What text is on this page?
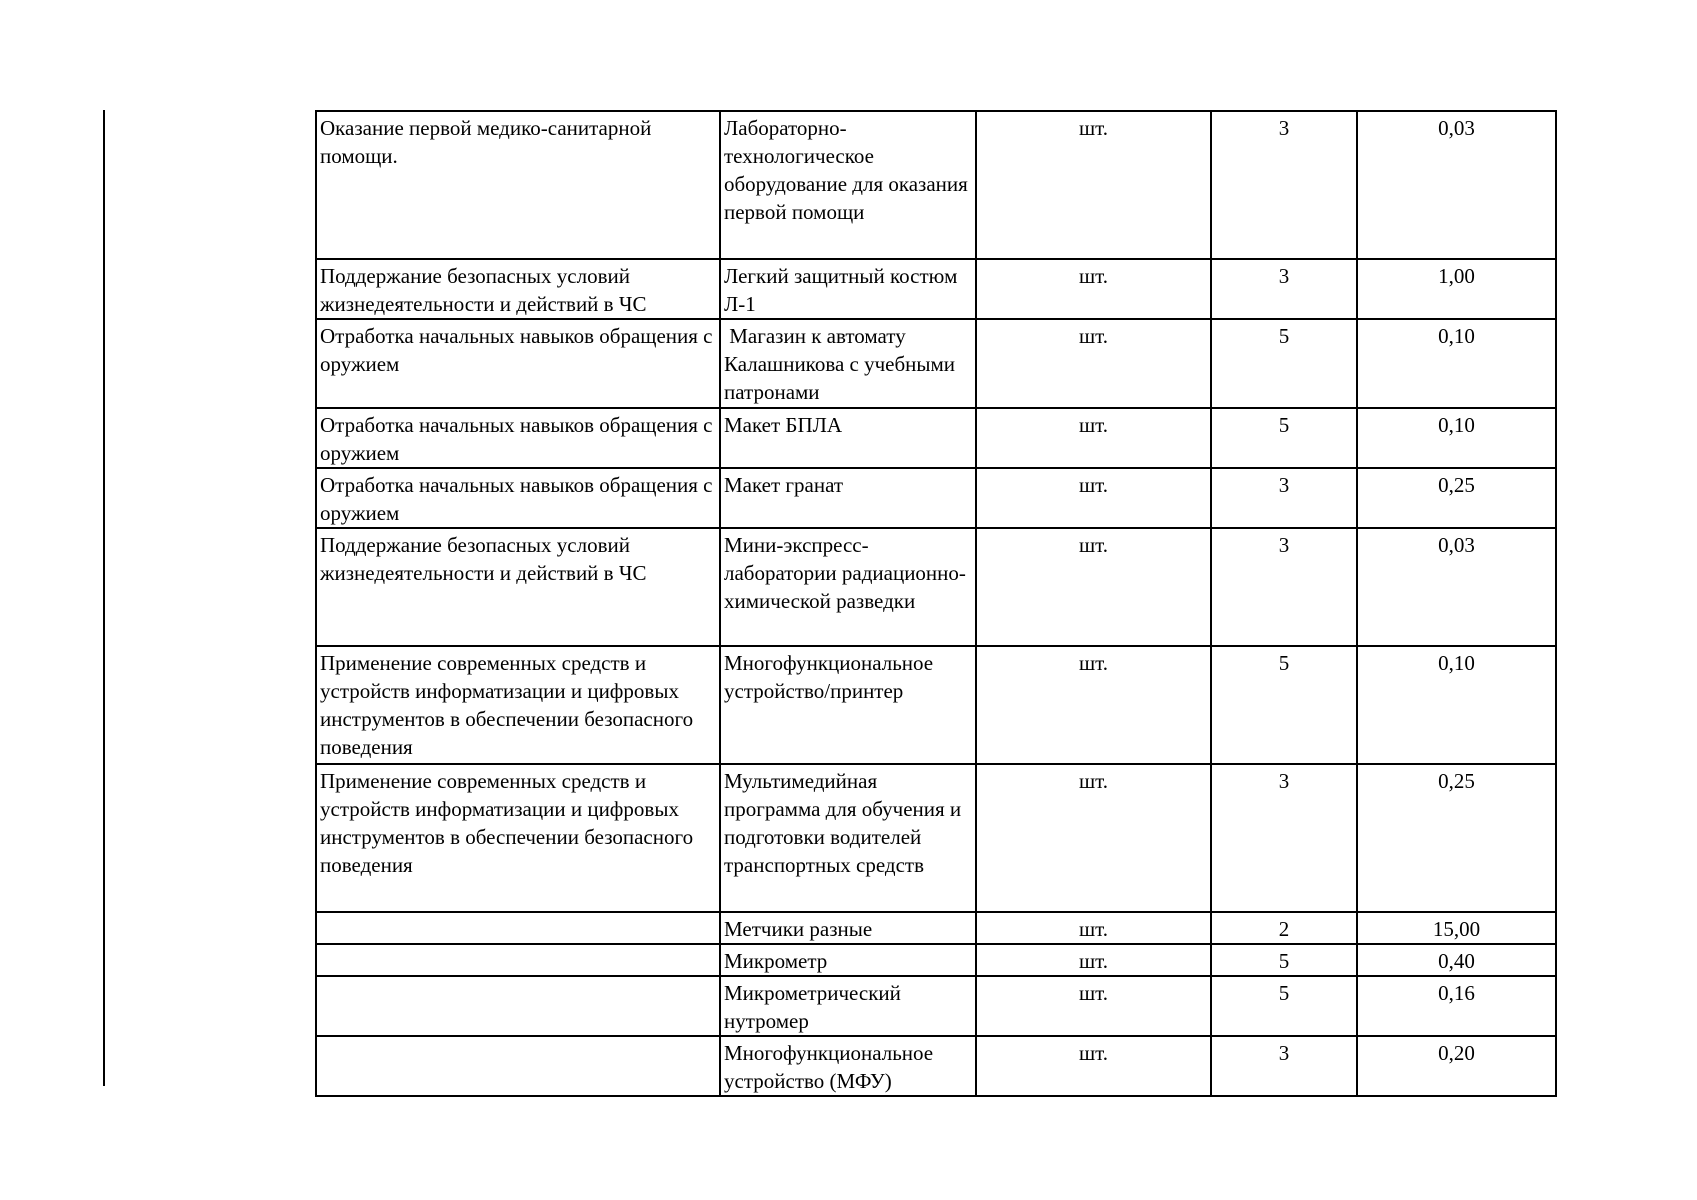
Оказание первой медико-санитарной помощи.	Лабораторно-технологическое оборудование для оказания первой помощи	шт.	3	0,03
Поддержание безопасных условий жизнедеятельности и действий в ЧС	Легкий защитный костюм Л-1	шт.	3	1,00
Отработка начальных навыков обращения с оружием	Магазин к автомату Калашникова с учебными патронами	шт.	5	0,10
Отработка начальных навыков обращения с оружием	Макет БПЛА	шт.	5	0,10
Отработка начальных навыков обращения с оружием	Макет гранат	шт.	3	0,25
Поддержание безопасных условий жизнедеятельности и действий в ЧС	Мини-экспресс-лаборатории радиационно-химической разведки	шт.	3	0,03
Применение современных средств и устройств информатизации и цифровых инструментов в обеспечении безопасного поведения	Многофункциональное устройство/принтер	шт.	5	0,10
Применение современных средств и устройств информатизации и цифровых инструментов в обеспечении безопасного поведения	Мультимедийная программа для обучения и подготовки водителей транспортных средств	шт.	3	0,25
	Метчики разные	шт.	2	15,00
	Микрометр	шт.	5	0,40
	Микрометрический нутромер	шт.	5	0,16
	Многофункциональное устройство (МФУ)	шт.	3	0,20
